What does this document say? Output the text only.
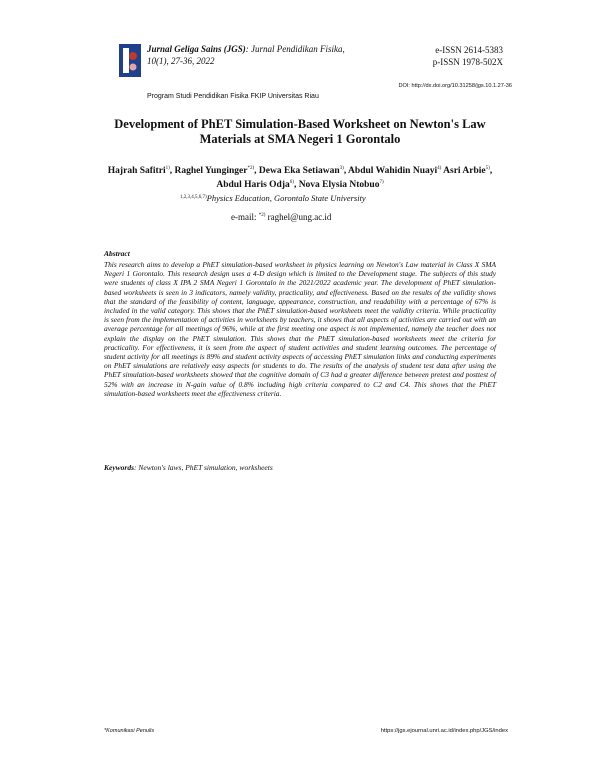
Jurnal Geliga Sains (JGS): Jurnal Pendidikan Fisika,
10(1), 27-36, 2022
Program Studi Pendidikan Fisika FKIP Universitas Riau
e-ISSN 2614-5383
p-ISSN 1978-502X
DOI: http://dx.doi.org/10.31258/jgs.10.1.27-36
Development of PhET Simulation-Based Worksheet on Newton's Law Materials at SMA Negeri 1 Gorontalo
Hajrah Safitri$^{1)}$, Raghel Yunginger$^{*2)}$, Dewa Eka Setiawan$^{3)}$, Abdul Wahidin Nuayi$^{4)}$ Asri Arbie$^{5)}$, Abdul Haris Odja$^{6)}$, Nova Elysia Ntobuo$^{7)}$
$^{1,2,3,4,5,6,7)}$Physics Education, Gorontalo State University
e-mail: $^{*2)}$ raghel@ung.ac.id
Abstract
This research aims to develop a PhET simulation-based worksheet in physics learning on Newton's Law material in Class X SMA Negeri 1 Gorontalo. This research design uses a 4-D design which is limited to the Development stage. The subjects of this study were students of class X IPA 2 SMA Negeri 1 Gorontalo in the 2021/2022 academic year. The development of PhET simulation-based worksheets is seen in 3 indicators, namely validity, practicality, and effectiveness. Based on the results of the validity shows that the standard of the feasibility of content, language, appearance, construction, and readability with a percentage of 67% is included in the valid category. This shows that the PhET simulation-based worksheets meet the validity criteria. While practicality is seen from the implementation of activities in worksheets by teachers, it shows that all aspects of activities are carried out with an average percentage for all meetings of 96%, while at the first meeting one aspect is not implemented, namely the teacher does not explain the display on the PhET simulation. This shows that the PhET simulation-based worksheets meet the criteria for practicality. For effectiveness, it is seen from the aspect of student activities and student learning outcomes. The percentage of student activity for all meetings is 89% and student activity aspects of accessing PhET simulation links and conducting experiments on PhET simulations are relatively easy aspects for students to do. The results of the analysis of student test data after using the PhET simulation-based worksheets showed that the cognitive domain of C3 had a greater difference between pretest and posttest of 52% with an increase in N-gain value of 0.8% including high criteria compared to C2 and C4. This shows that the PhET simulation-based worksheets meet the effectiveness criteria.
Keywords: Newton's laws, PhET simulation, worksheets
*Komunikasi Penulis	https://jgs.ejournal.unri.ac.id/index.php/JGS/index
